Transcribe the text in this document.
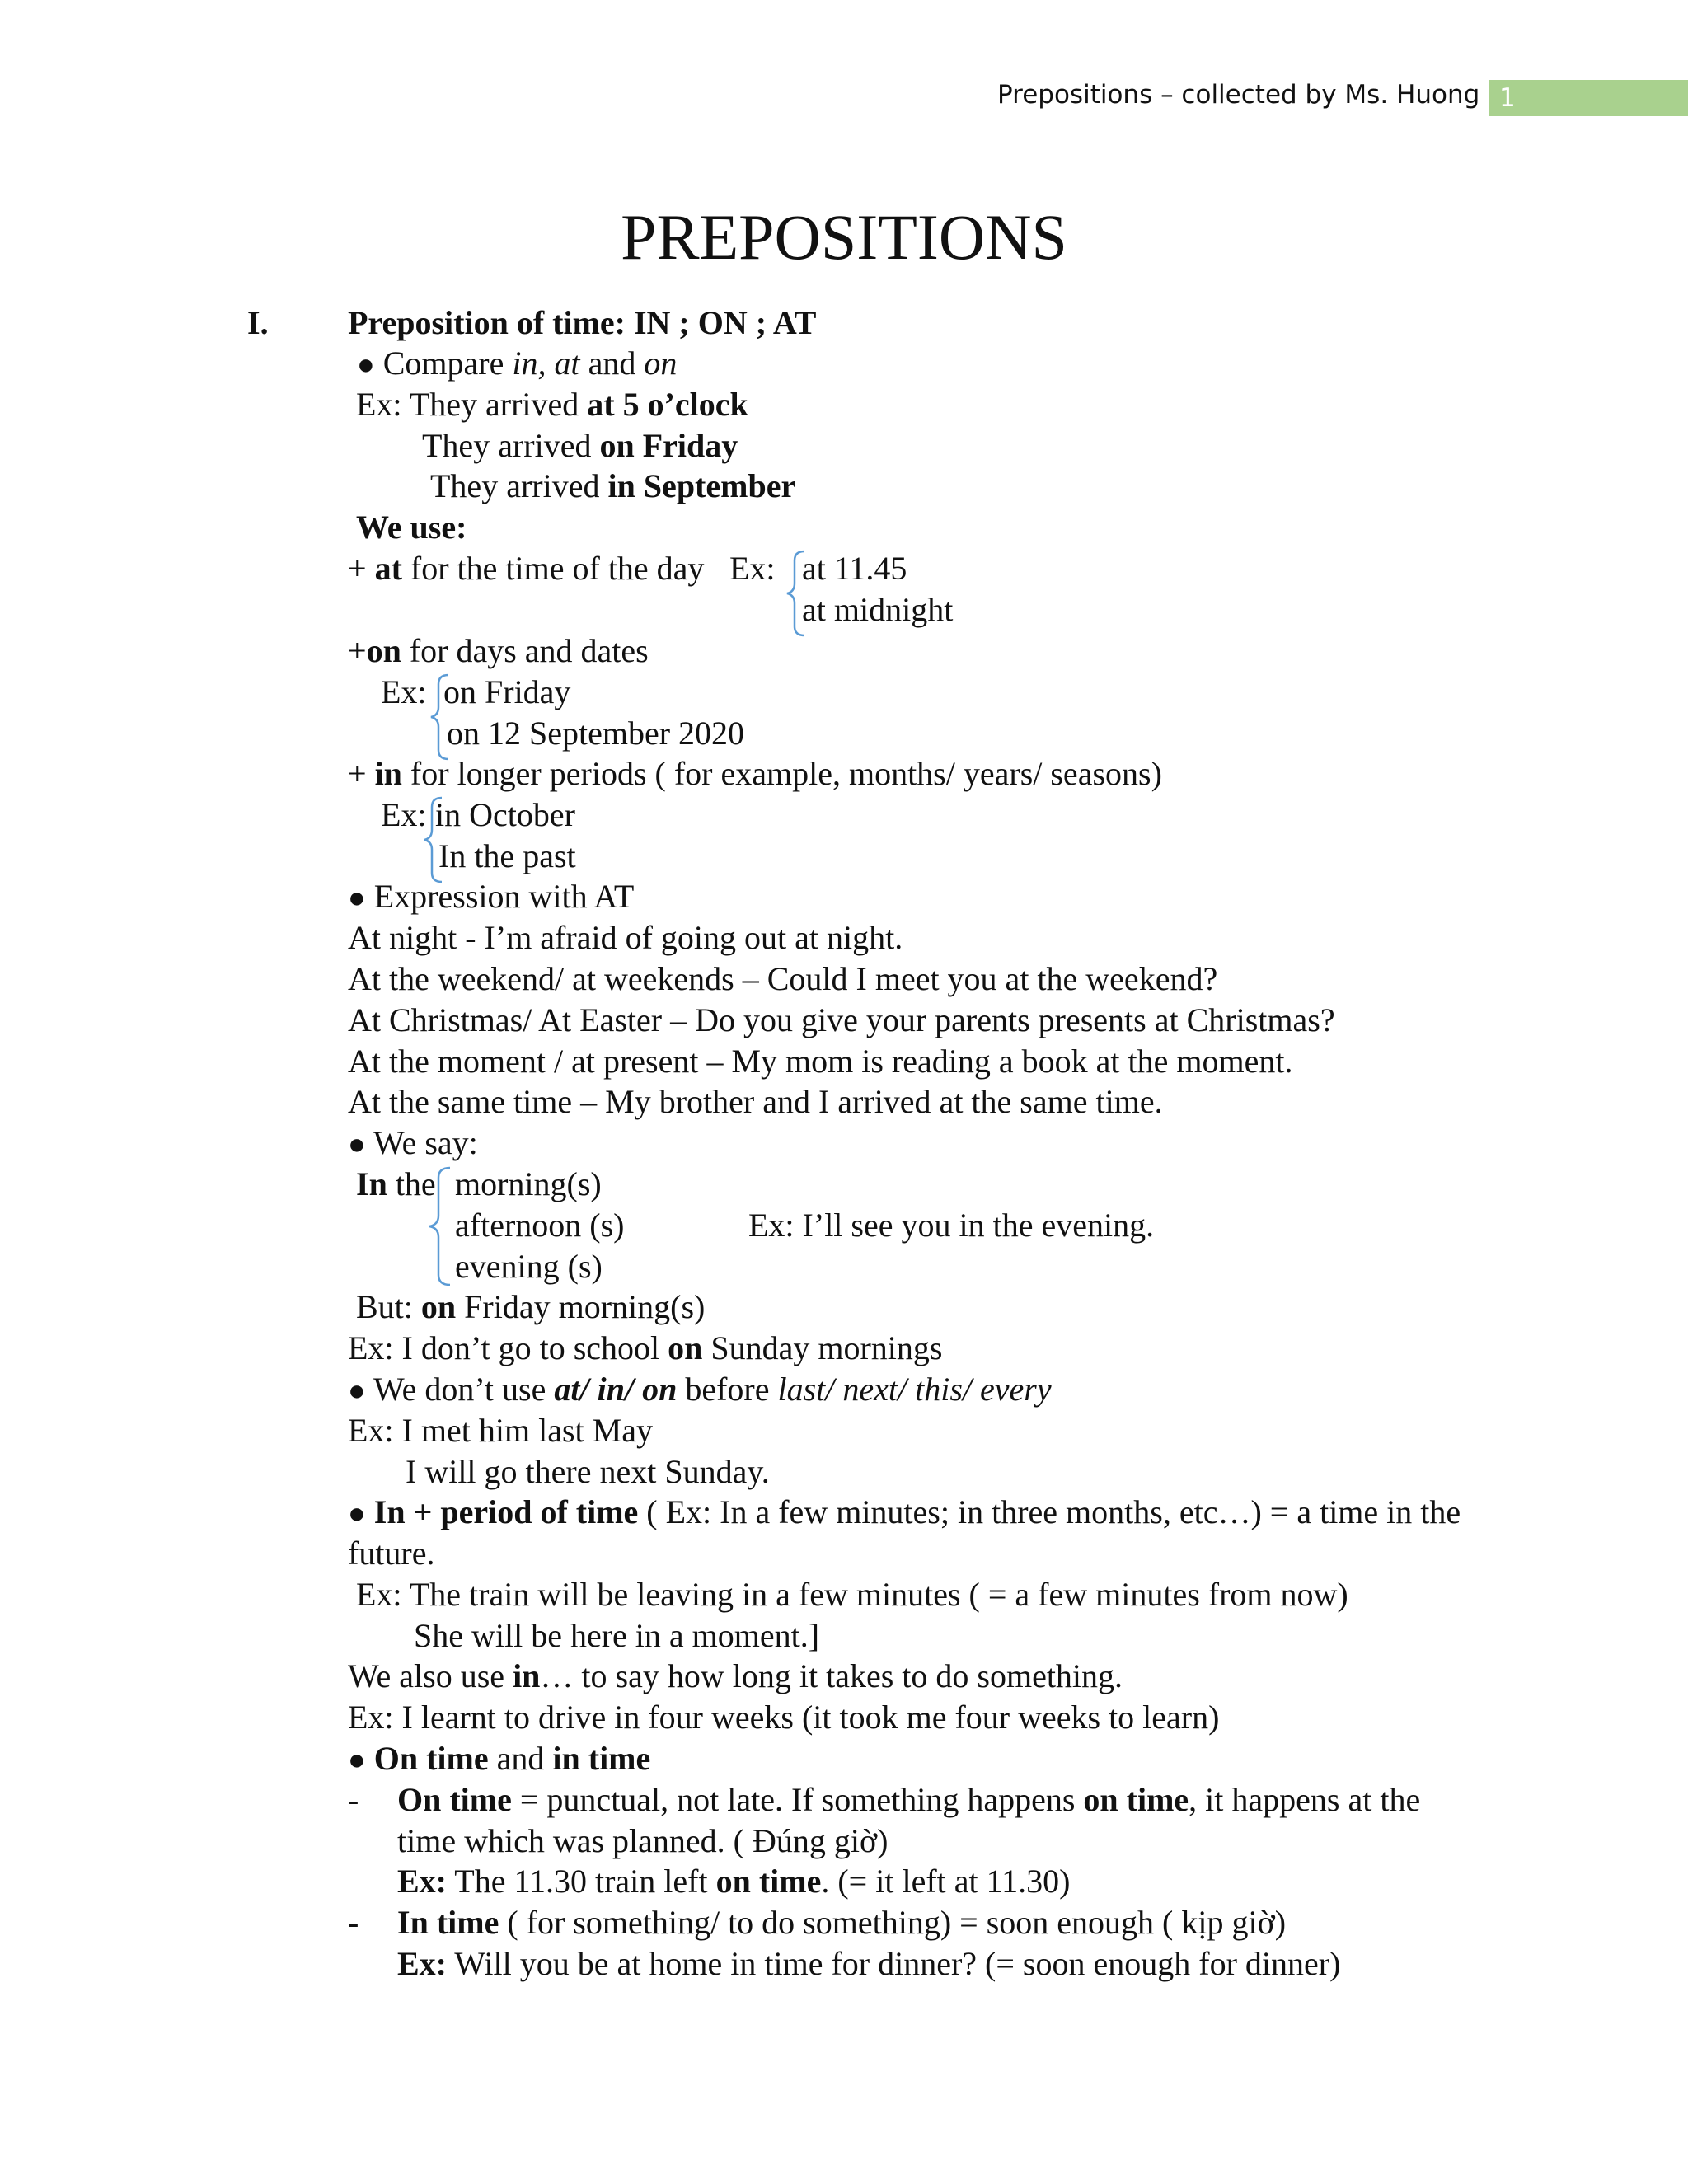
Prepositions – collected by Ms. Huong 1
PREPOSITIONS
I. Preposition of time: IN ; ON ; AT
● Compare in, at and on
Ex: They arrived at 5 o’clock
They arrived on Friday
They arrived in September
We use:
+ at for the time of the day Ex: at 11.45
at midnight
+on for days and dates
Ex: on Friday
on 12 September 2020
+ in for longer periods ( for example, months/ years/ seasons)
Ex: in October
In the past
● Expression with AT
At night - I’m afraid of going out at night.
At the weekend/ at weekends – Could I meet you at the weekend?
At Christmas/ At Easter – Do you give your parents presents at Christmas?
At the moment / at present – My mom is reading a book at the moment.
At the same time – My brother and I arrived at the same time.
● We say:
In the morning(s)
afternoon (s)	Ex: I’ll see you in the evening.
evening (s)
But: on Friday morning(s)
Ex: I don’t go to school on Sunday mornings
● We don’t use at/ in/ on before last/ next/ this/ every
Ex: I met him last May
I will go there next Sunday.
● In + period of time ( Ex: In a few minutes; in three months, etc…) = a time in the
future.
Ex: The train will be leaving in a few minutes ( = a few minutes from now)
She will be here in a moment.]
We also use in… to say how long it takes to do something.
Ex: I learnt to drive in four weeks (it took me four weeks to learn)
● On time and in time
- On time = punctual, not late. If something happens on time, it happens at the
time which was planned. ( Đúng giờ)
Ex: The 11.30 train left on time. (= it left at 11.30)
- In time ( for something/ to do something) = soon enough ( kịp giờ)
Ex: Will you be at home in time for dinner? (= soon enough for dinner)
